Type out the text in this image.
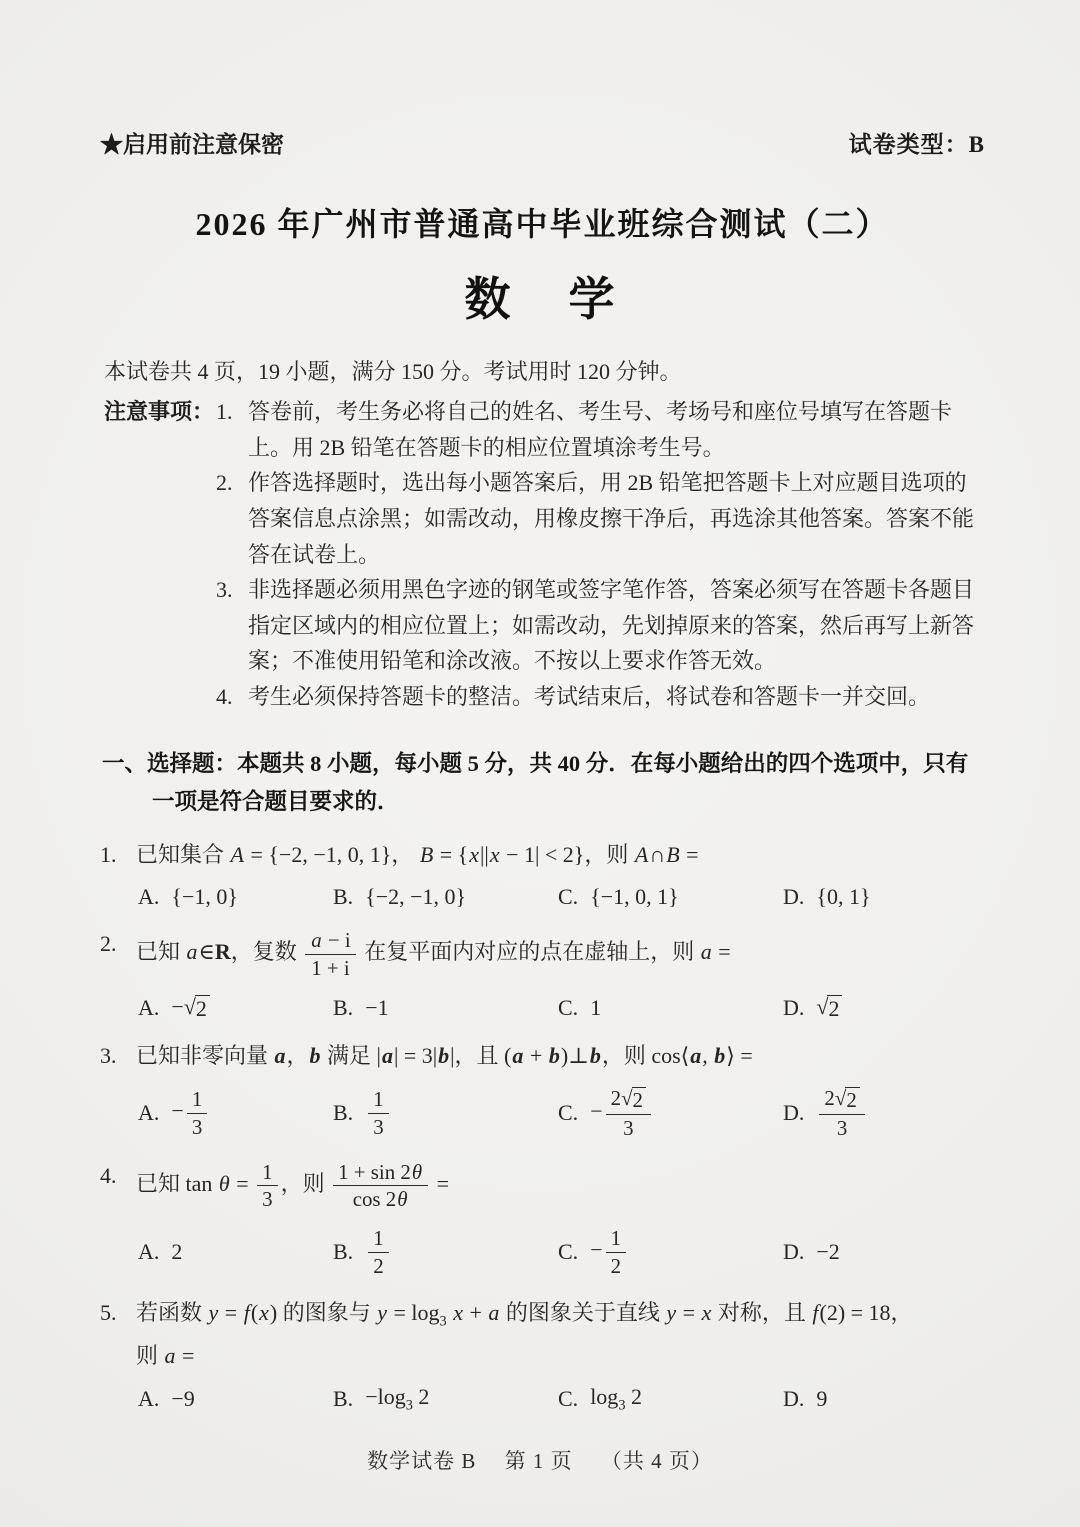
★启用前注意保密	试卷类型：B
2026 年广州市普通高中毕业班综合测试（二）
数　学

本试卷共 4 页，19 小题，满分 150 分。考试用时 120 分钟。

注意事项： 1. 答卷前，考生务必将自己的姓名、考生号、考场号和座位号填写在答题卡上。用 2B 铅笔在答题卡的相应位置填涂考生号。
2. 作答选择题时，选出每小题答案后，用 2B 铅笔把答题卡上对应题目选项的答案信息点涂黑；如需改动，用橡皮擦干净后，再选涂其他答案。答案不能答在试卷上。
3. 非选择题必须用黑色字迹的钢笔或签字笔作答，答案必须写在答题卡各题目指定区域内的相应位置上；如需改动，先划掉原来的答案，然后再写上新答案；不准使用铅笔和涂改液。不按以上要求作答无效。
4. 考生必须保持答题卡的整洁。考试结束后，将试卷和答题卡一并交回。
一、选择题：本题共 8 小题，每小题 5 分，共 40 分．在每小题给出的四个选项中，只有一项是符合题目要求的．
1. 已知集合 A = {−2, −1, 0, 1}， B = {x||x − 1| < 2}，则 A∩B =
A. {−1, 0}	B. {−2, −1, 0}	C. {−1, 0, 1}	D. {0, 1}
2. 已知 a∈R，复数 $\frac{a - i}{1 + i}$ 在复平面内对应的点在虚轴上，则 a =
A. − √ 2	B. −1	C. 1	D. √ 2
3. 已知非零向量 a，b 满足 |a| = 3|b|，且 (a + b)⊥b，则 cos⟨a, b⟩ =
A. − $\frac{1}{3}$	B. $\frac{1}{3}$	C. − $\frac{2 √ 2}{3}$	D. $\frac{2 √ 2}{3}$
4. 已知 $\tan \theta = \frac{1}{3}$ ，则 $\frac{1 + \sin 2\theta}{\cos 2\theta}$ =
A. 2	B. $\frac{1}{2}$	C. − $\frac{1}{2}$	D. −2
5. 若函数 y = f(x) 的图象与 $y = \log_3 x + a$ 的图象关于直线 y = x 对称，且 f(2) = 18，
则 a =
A. −9	B. $-\log_3$ 2	C. $\log_3 2$	D. 9
数学试卷 B　 第 1 页　 （共 4 页）
